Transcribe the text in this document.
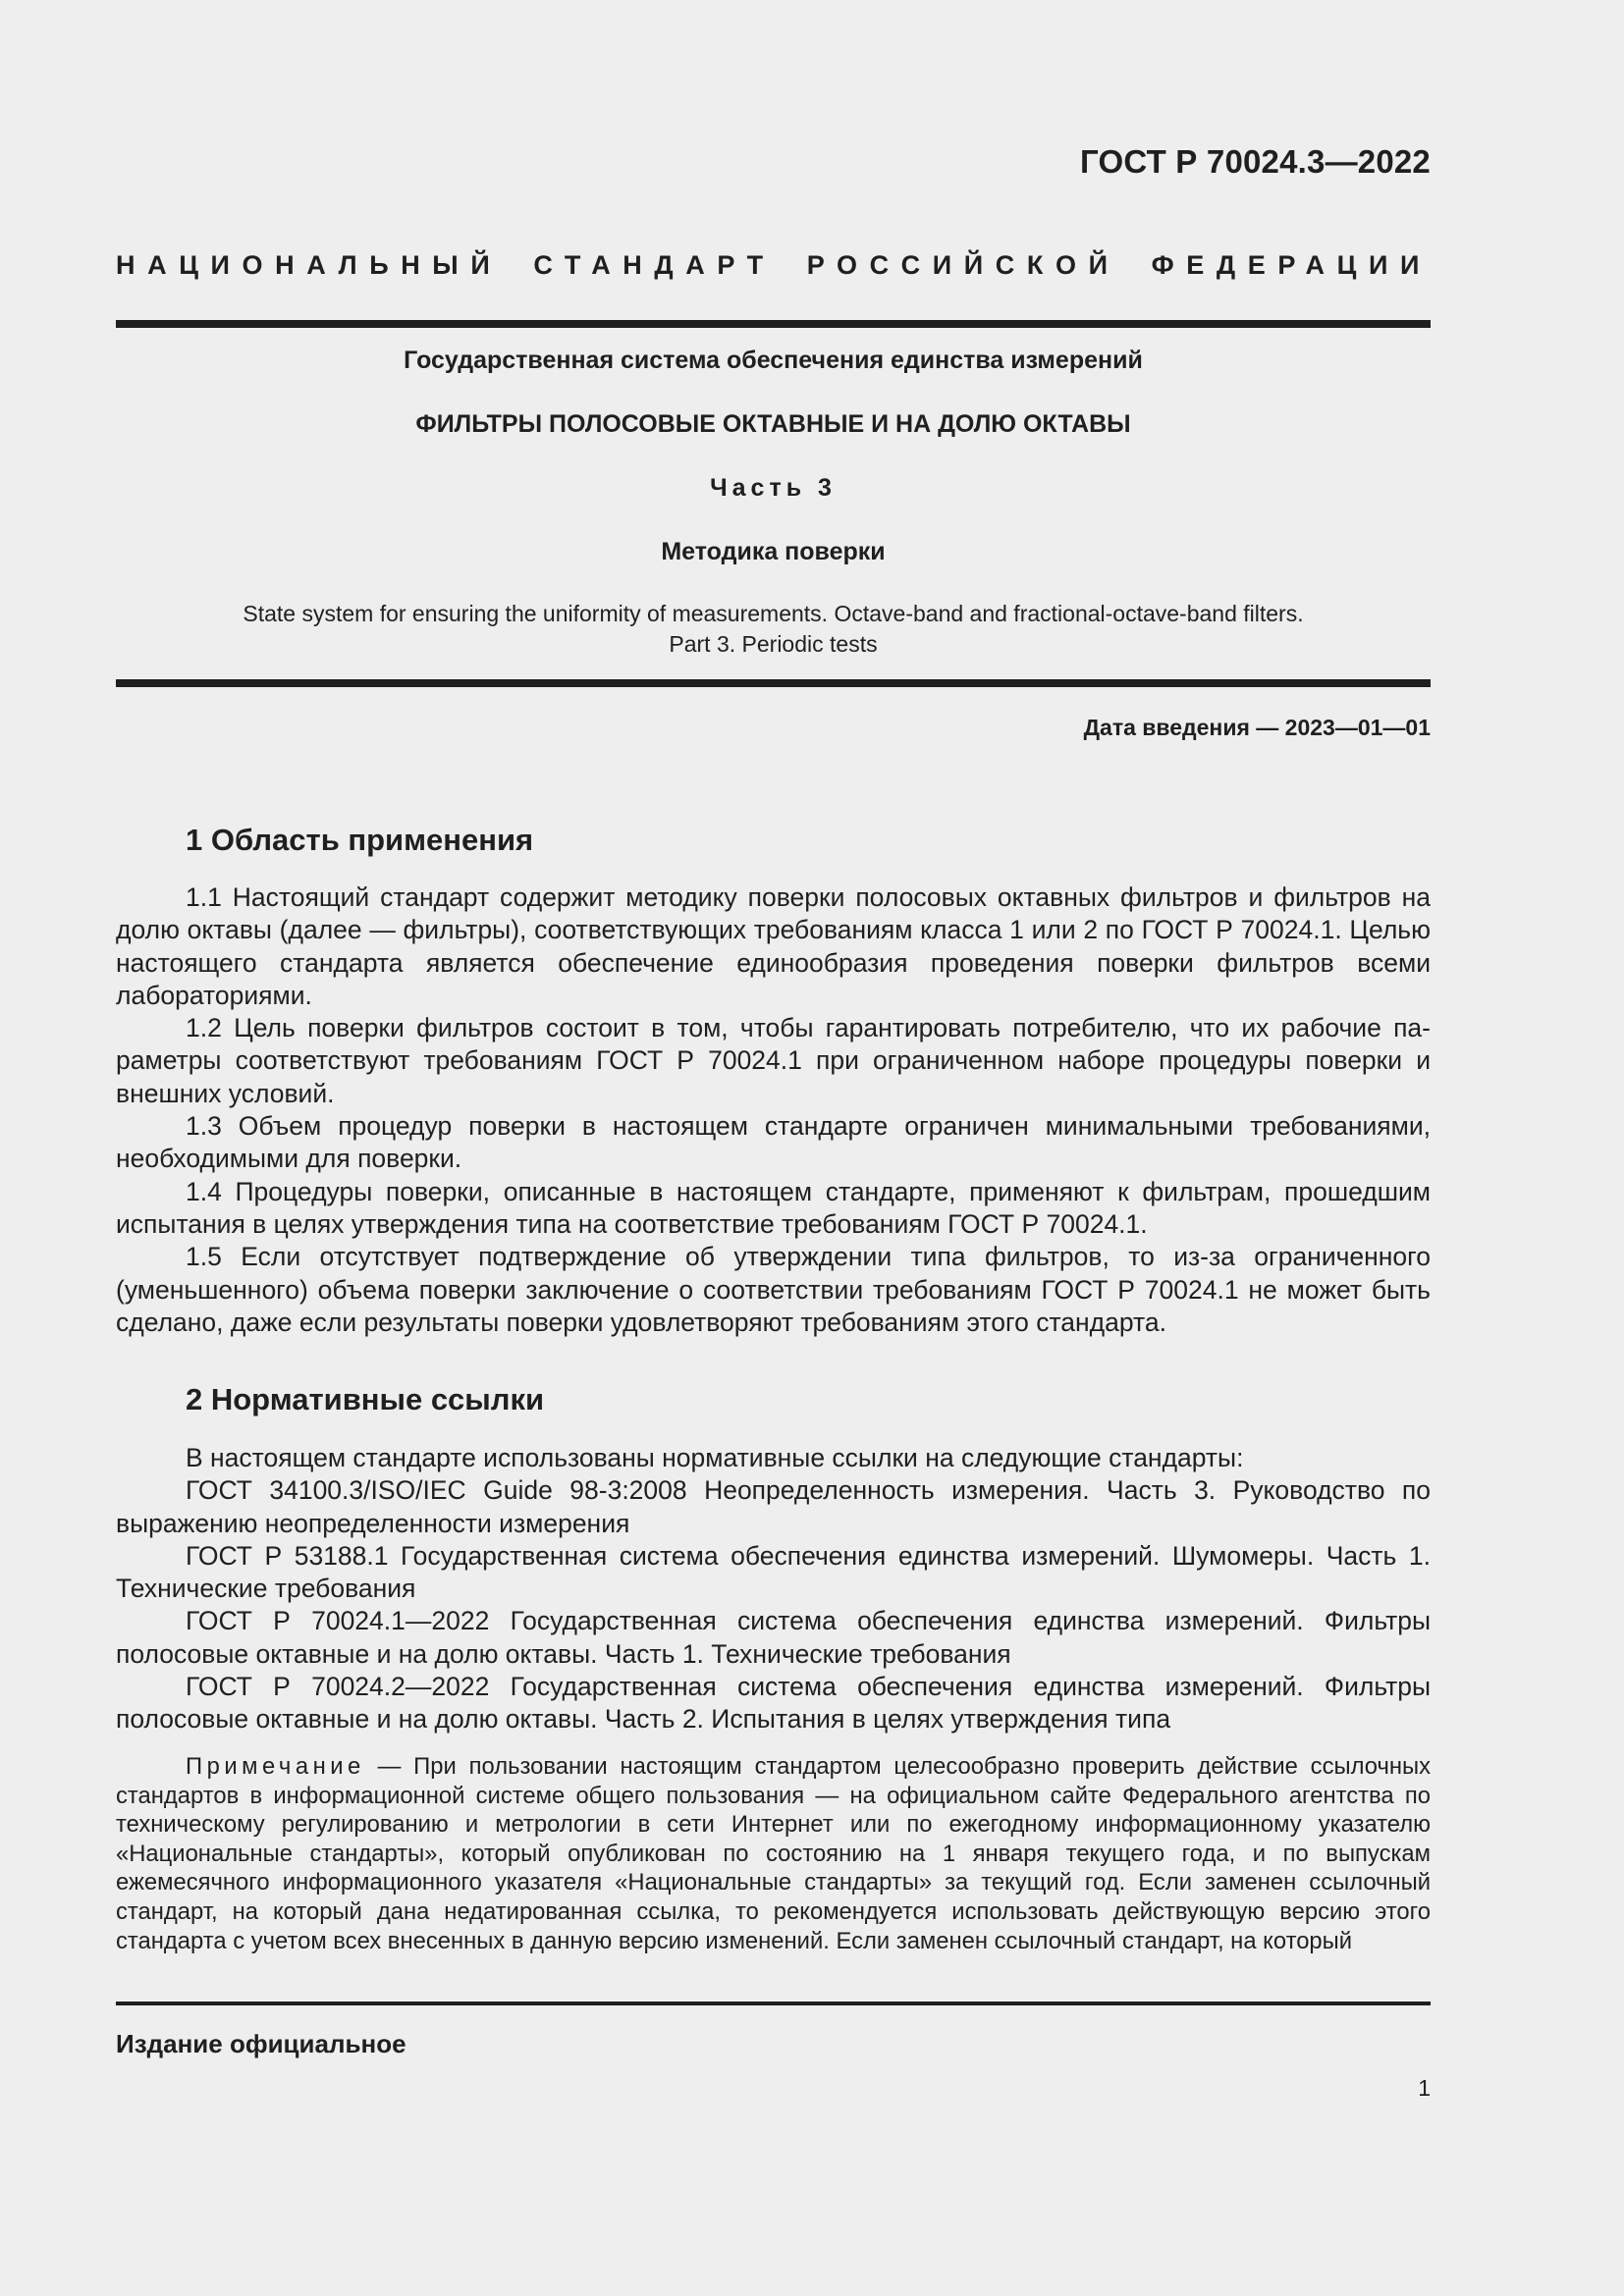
ГОСТ Р 70024.3—2022
НАЦИОНАЛЬНЫЙ СТАНДАРТ РОССИЙСКОЙ ФЕДЕРАЦИИ
Государственная система обеспечения единства измерений
ФИЛЬТРЫ ПОЛОСОВЫЕ ОКТАВНЫЕ И НА ДОЛЮ ОКТАВЫ
Часть 3
Методика поверки
State system for ensuring the uniformity of measurements. Octave-band and fractional-octave-band filters.
Part 3. Periodic tests
Дата введения — 2023—01—01
1 Область применения

1.1 Настоящий стандарт содержит методику поверки полосовых октавных фильтров и фильтров на долю октавы (далее — фильтры), соответствующих требованиям класса 1 или 2 по ГОСТ Р 70024.1. Целью настоящего стандарта является обеспечение единообразия проведения поверки фильтров всеми лабораториями.

1.2 Цель поверки фильтров состоит в том, чтобы гарантировать потребителю, что их рабочие параметры соответствуют требованиям ГОСТ Р 70024.1 при ограниченном наборе процедуры поверки и внешних условий.

1.3 Объем процедур поверки в настоящем стандарте ограничен минимальными требованиями, необходимыми для поверки.

1.4 Процедуры поверки, описанные в настоящем стандарте, применяют к фильтрам, прошедшим испытания в целях утверждения типа на соответствие требованиям ГОСТ Р 70024.1.

1.5 Если отсутствует подтверждение об утверждении типа фильтров, то из-за ограниченного (уменьшенного) объема поверки заключение о соответствии требованиям ГОСТ Р 70024.1 не может быть сделано, даже если результаты поверки удовлетворяют требованиям этого стандарта.

2 Нормативные ссылки

В настоящем стандарте использованы нормативные ссылки на следующие стандарты:

ГОСТ 34100.3/ISO/IEC Guide 98-3:2008 Неопределенность измерения. Часть 3. Руководство по выражению неопределенности измерения

ГОСТ Р 53188.1 Государственная система обеспечения единства измерений. Шумомеры. Часть 1. Технические требования

ГОСТ Р 70024.1—2022 Государственная система обеспечения единства измерений. Фильтры полосовые октавные и на долю октавы. Часть 1. Технические требования

ГОСТ Р 70024.2—2022 Государственная система обеспечения единства измерений. Фильтры полосовые октавные и на долю октавы. Часть 2. Испытания в целях утверждения типа

Примечание — При пользовании настоящим стандартом целесообразно проверить действие ссылочных стандартов в информационной системе общего пользования — на официальном сайте Федерального агентства по техническому регулированию и метрологии в сети Интернет или по ежегодному информационному указателю «Национальные стандарты», который опубликован по состоянию на 1 января текущего года, и по выпускам ежемесячного информационного указателя «Национальные стандарты» за текущий год. Если заменен ссылочный стандарт, на который дана недатированная ссылка, то рекомендуется использовать действующую версию этого стандарта с учетом всех внесенных в данную версию изменений. Если заменен ссылочный стандарт, на который

Издание официальное
1
